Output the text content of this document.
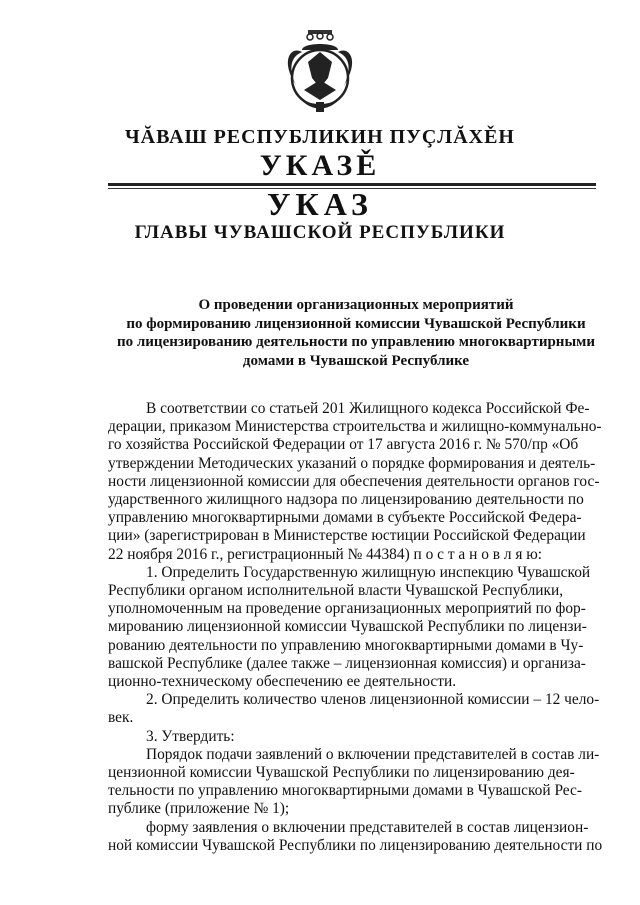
ЧĂВАШ РЕСПУБЛИКИН ПУÇЛĂХĚН
УКАЗĚ
УКАЗ
ГЛАВЫ ЧУВАШСКОЙ РЕСПУБЛИКИ
О проведении организационных мероприятий
по формированию лицензионной комиссии Чувашской Республики
по лицензированию деятельности по управлению многоквартирными
домами в Чувашской Республике
В соответствии со статьей 201 Жилищного кодекса Российской Фе-
дерации, приказом Министерства строительства и жилищно-коммунально-
го хозяйства Российской Федерации от 17 августа 2016 г. № 570/пр «Об
утверждении Методических указаний о порядке формирования и деятель-
ности лицензионной комиссии для обеспечения деятельности органов гос-
ударственного жилищного надзора по лицензированию деятельности по
управлению многоквартирными домами в субъекте Российской Федера-
ции» (зарегистрирован в Министерстве юстиции Российской Федерации
22 ноября 2016 г., регистрационный № 44384) п о с т а н о в л я ю:
1. Определить Государственную жилищную инспекцию Чувашской
Республики органом исполнительной власти Чувашской Республики,
уполномоченным на проведение организационных мероприятий по фор-
мированию лицензионной комиссии Чувашской Республики по лицензи-
рованию деятельности по управлению многоквартирными домами в Чу-
вашской Республике (далее также – лицензионная комиссия) и организа-
ционно-техническому обеспечению ее деятельности.
2. Определить количество членов лицензионной комиссии – 12 чело-
век.
3. Утвердить:
Порядок подачи заявлений о включении представителей в состав ли-
цензионной комиссии Чувашской Республики по лицензированию дея-
тельности по управлению многоквартирными домами в Чувашской Рес-
публике (приложение № 1);
форму заявления о включении представителей в состав лицензион-
ной комиссии Чувашской Республики по лицензированию деятельности по
